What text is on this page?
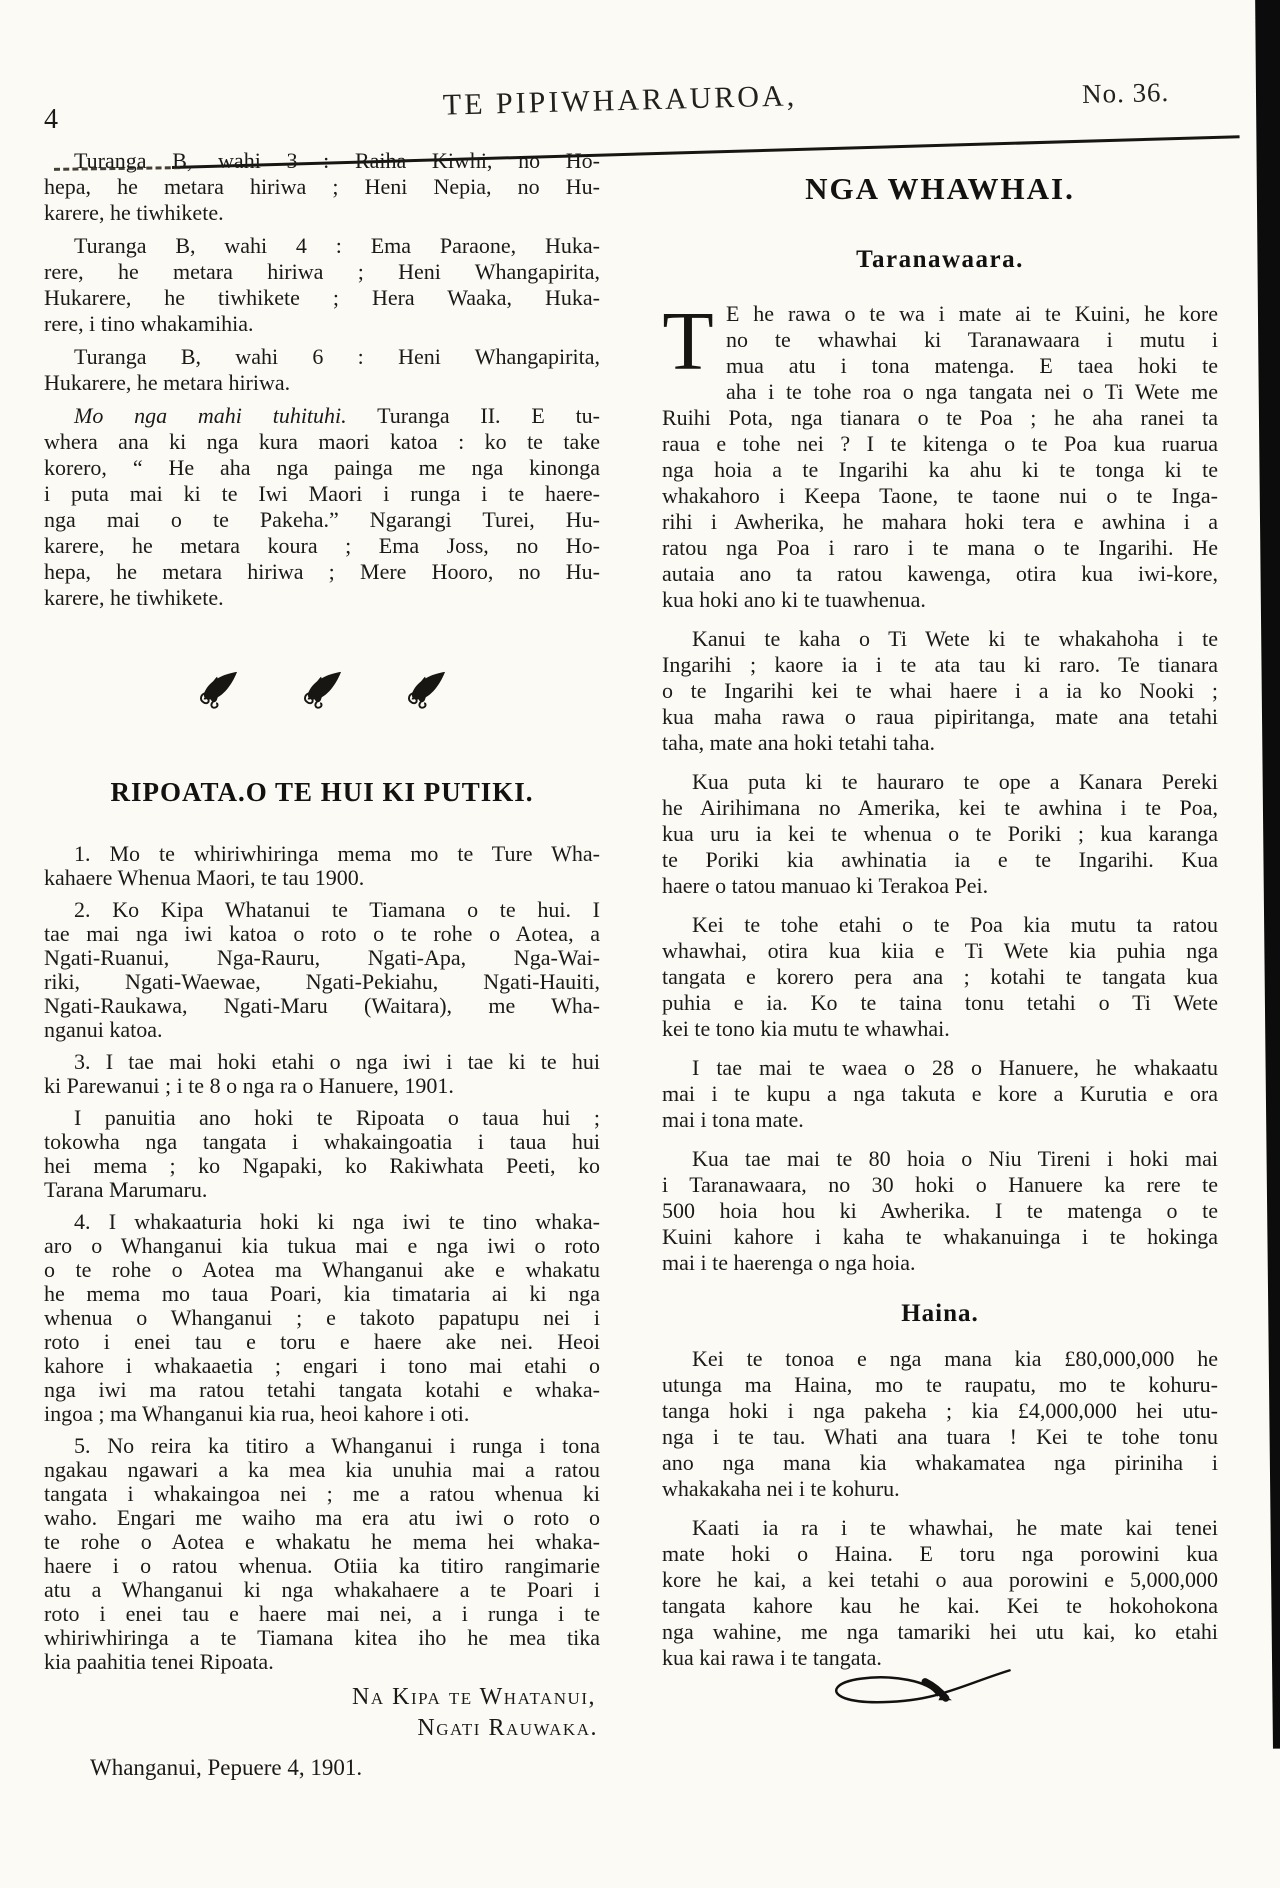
4	TE PIPIWHARAUROA,	No. 36.
Turanga B, wahi 3 : Raiha Kiwhi, no Ho-
hepa, he metara hiriwa ; Heni Nepia, no Hu-
karere, he tiwhikete.
Turanga B, wahi 4 : Ema Paraone, Huka-
rere, he metara hiriwa ; Heni Whangapirita,
Hukarere, he tiwhikete ; Hera Waaka, Huka-
rere, i tino whakamihia.
Turanga B, wahi 6 : Heni Whangapirita,
Hukarere, he metara hiriwa.
Mo nga mahi tuhituhi. Turanga II. E tu-
whera ana ki nga kura maori katoa : ko te take
korero, “ He aha nga painga me nga kinonga
i puta mai ki te Iwi Maori i runga i te haere-
nga mai o te Pakeha.” Ngarangi Turei, Hu-
karere, he metara koura ; Ema Joss, no Ho-
hepa, he metara hiriwa ; Mere Hooro, no Hu-
karere, he tiwhikete.

RIPOATA.O TE HUI KI PUTIKI.
1. Mo te whiriwhiringa mema mo te Ture Wha-
kahaere Whenua Maori, te tau 1900.
2. Ko Kipa Whatanui te Tiamana o te hui. I
tae mai nga iwi katoa o roto o te rohe o Aotea, a
Ngati-Ruanui, Nga-Rauru, Ngati-Apa, Nga-Wai-
riki, Ngati-Waewae, Ngati-Pekiahu, Ngati-Hauiti,
Ngati-Raukawa, Ngati-Maru (Waitara), me Wha-
nganui katoa.
3. I tae mai hoki etahi o nga iwi i tae ki te hui
ki Parewanui ; i te 8 o nga ra o Hanuere, 1901.
I panuitia ano hoki te Ripoata o taua hui ;
tokowha nga tangata i whakaingoatia i taua hui
hei mema ; ko Ngapaki, ko Rakiwhata Peeti, ko
Tarana Marumaru.
4. I whakaaturia hoki ki nga iwi te tino whaka-
aro o Whanganui kia tukua mai e nga iwi o roto
o te rohe o Aotea ma Whanganui ake e whakatu
he mema mo taua Poari, kia timataria ai ki nga
whenua o Whanganui ; e takoto papatupu nei i
roto i enei tau e toru e haere ake nei. Heoi
kahore i whakaaetia ; engari i tono mai etahi o
nga iwi ma ratou tetahi tangata kotahi e whaka-
ingoa ; ma Whanganui kia rua, heoi kahore i oti.
5. No reira ka titiro a Whanganui i runga i tona
ngakau ngawari a ka mea kia unuhia mai a ratou
tangata i whakaingoa nei ; me a ratou whenua ki
waho. Engari me waiho ma era atu iwi o roto o
te rohe o Aotea e whakatu he mema hei whaka-
haere i o ratou whenua. Otiia ka titiro rangimarie
atu a Whanganui ki nga whakahaere a te Poari i
roto i enei tau e haere mai nei, a i runga i te
whiriwhiringa a te Tiamana kitea iho he mea tika
kia paahitia tenei Ripoata.
Na Kipa te Whatanui,
Ngati Rauwaka.
Whanganui, Pepuere 4, 1901.
NGA WHAWHAI.
Taranawaara.
T E he rawa o te wa i mate ai te Kuini, he kore
no te whawhai ki Taranawaara i mutu i
mua atu i tona matenga. E taea hoki te
aha i te tohe roa o nga tangata nei o Ti Wete me
Ruihi Pota, nga tianara o te Poa ; he aha ranei ta
raua e tohe nei ? I te kitenga o te Poa kua ruarua
nga hoia a te Ingarihi ka ahu ki te tonga ki te
whakahoro i Keepa Taone, te taone nui o te Inga-
rihi i Awherika, he mahara hoki tera e awhina i a
ratou nga Poa i raro i te mana o te Ingarihi. He
autaia ano ta ratou kawenga, otira kua iwi-kore,
kua hoki ano ki te tuawhenua.
Kanui te kaha o Ti Wete ki te whakahoha i te
Ingarihi ; kaore ia i te ata tau ki raro. Te tianara
o te Ingarihi kei te whai haere i a ia ko Nooki ;
kua maha rawa o raua pipiritanga, mate ana tetahi
taha, mate ana hoki tetahi taha.
Kua puta ki te hauraro te ope a Kanara Pereki
he Airihimana no Amerika, kei te awhina i te Poa,
kua uru ia kei te whenua o te Poriki ; kua karanga
te Poriki kia awhinatia ia e te Ingarihi. Kua
haere o tatou manuao ki Terakoa Pei.
Kei te tohe etahi o te Poa kia mutu ta ratou
whawhai, otira kua kiia e Ti Wete kia puhia nga
tangata e korero pera ana ; kotahi te tangata kua
puhia e ia. Ko te taina tonu tetahi o Ti Wete
kei te tono kia mutu te whawhai.
I tae mai te waea o 28 o Hanuere, he whakaatu
mai i te kupu a nga takuta e kore a Kurutia e ora
mai i tona mate.
Kua tae mai te 80 hoia o Niu Tireni i hoki mai
i Taranawaara, no 30 hoki o Hanuere ka rere te
500 hoia hou ki Awherika. I te matenga o te
Kuini kahore i kaha te whakanuinga i te hokinga
mai i te haerenga o nga hoia.
Haina.
Kei te tonoa e nga mana kia £80,000,000 he
utunga ma Haina, mo te raupatu, mo te kohuru-
tanga hoki i nga pakeha ; kia £4,000,000 hei utu-
nga i te tau. Whati ana tuara ! Kei te tohe tonu
ano nga mana kia whakamatea nga piriniha i
whakakaha nei i te kohuru.
Kaati ia ra i te whawhai, he mate kai tenei
mate hoki o Haina. E toru nga porowini kua
kore he kai, a kei tetahi o aua porowini e 5,000,000
tangata kahore kau he kai. Kei te hokohokona
nga wahine, me nga tamariki hei utu kai, ko etahi
kua kai rawa i te tangata.
